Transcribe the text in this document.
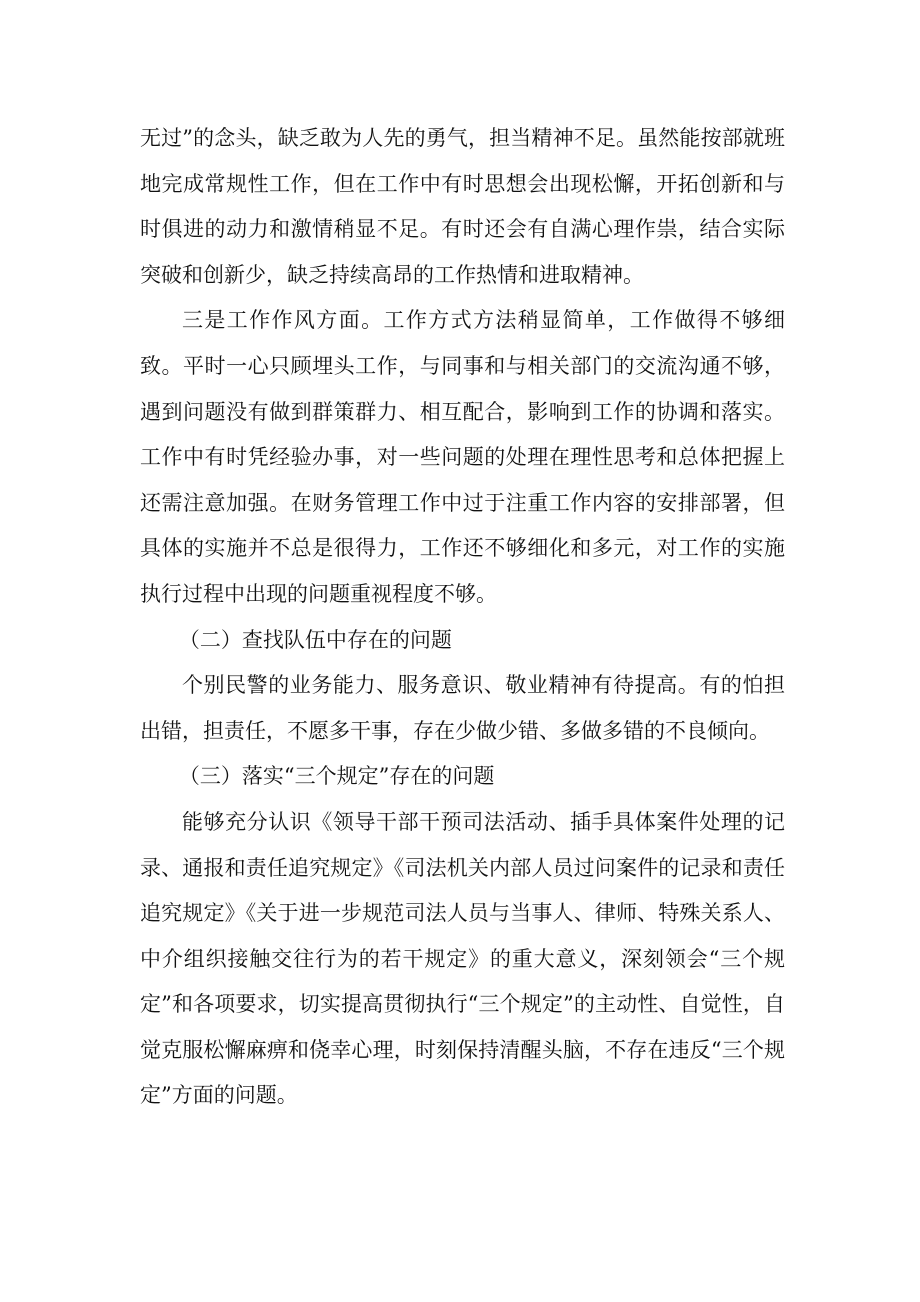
无过”的念头，缺乏敢为人先的勇气，担当精神不足。虽然能按部就班地完成常规性工作，但在工作中有时思想会出现松懈，开拓创新和与时俱进的动力和激情稍显不足。有时还会有自满心理作祟，结合实际突破和创新少，缺乏持续高昂的工作热情和进取精神。

三是工作作风方面。工作方式方法稍显简单，工作做得不够细致。平时一心只顾埋头工作，与同事和与相关部门的交流沟通不够，遇到问题没有做到群策群力、相互配合，影响到工作的协调和落实。工作中有时凭经验办事，对一些问题的处理在理性思考和总体把握上还需注意加强。在财务管理工作中过于注重工作内容的安排部署，但具体的实施并不总是很得力，工作还不够细化和多元，对工作的实施执行过程中出现的问题重视程度不够。

（二）查找队伍中存在的问题

个别民警的业务能力、服务意识、敬业精神有待提高。有的怕担出错，担责任，不愿多干事，存在少做少错、多做多错的不良倾向。

（三）落实“三个规定”存在的问题

能够充分认识《领导干部干预司法活动、插手具体案件处理的记录、通报和责任追究规定》《司法机关内部人员过问案件的记录和责任追究规定》《关于进一步规范司法人员与当事人、律师、特殊关系人、中介组织接触交往行为的若干规定》的重大意义，深刻领会“三个规定”和各项要求，切实提高贯彻执行“三个规定”的主动性、自觉性，自觉克服松懈麻痹和侥幸心理，时刻保持清醒头脑，不存在违反“三个规定”方面的问题。
